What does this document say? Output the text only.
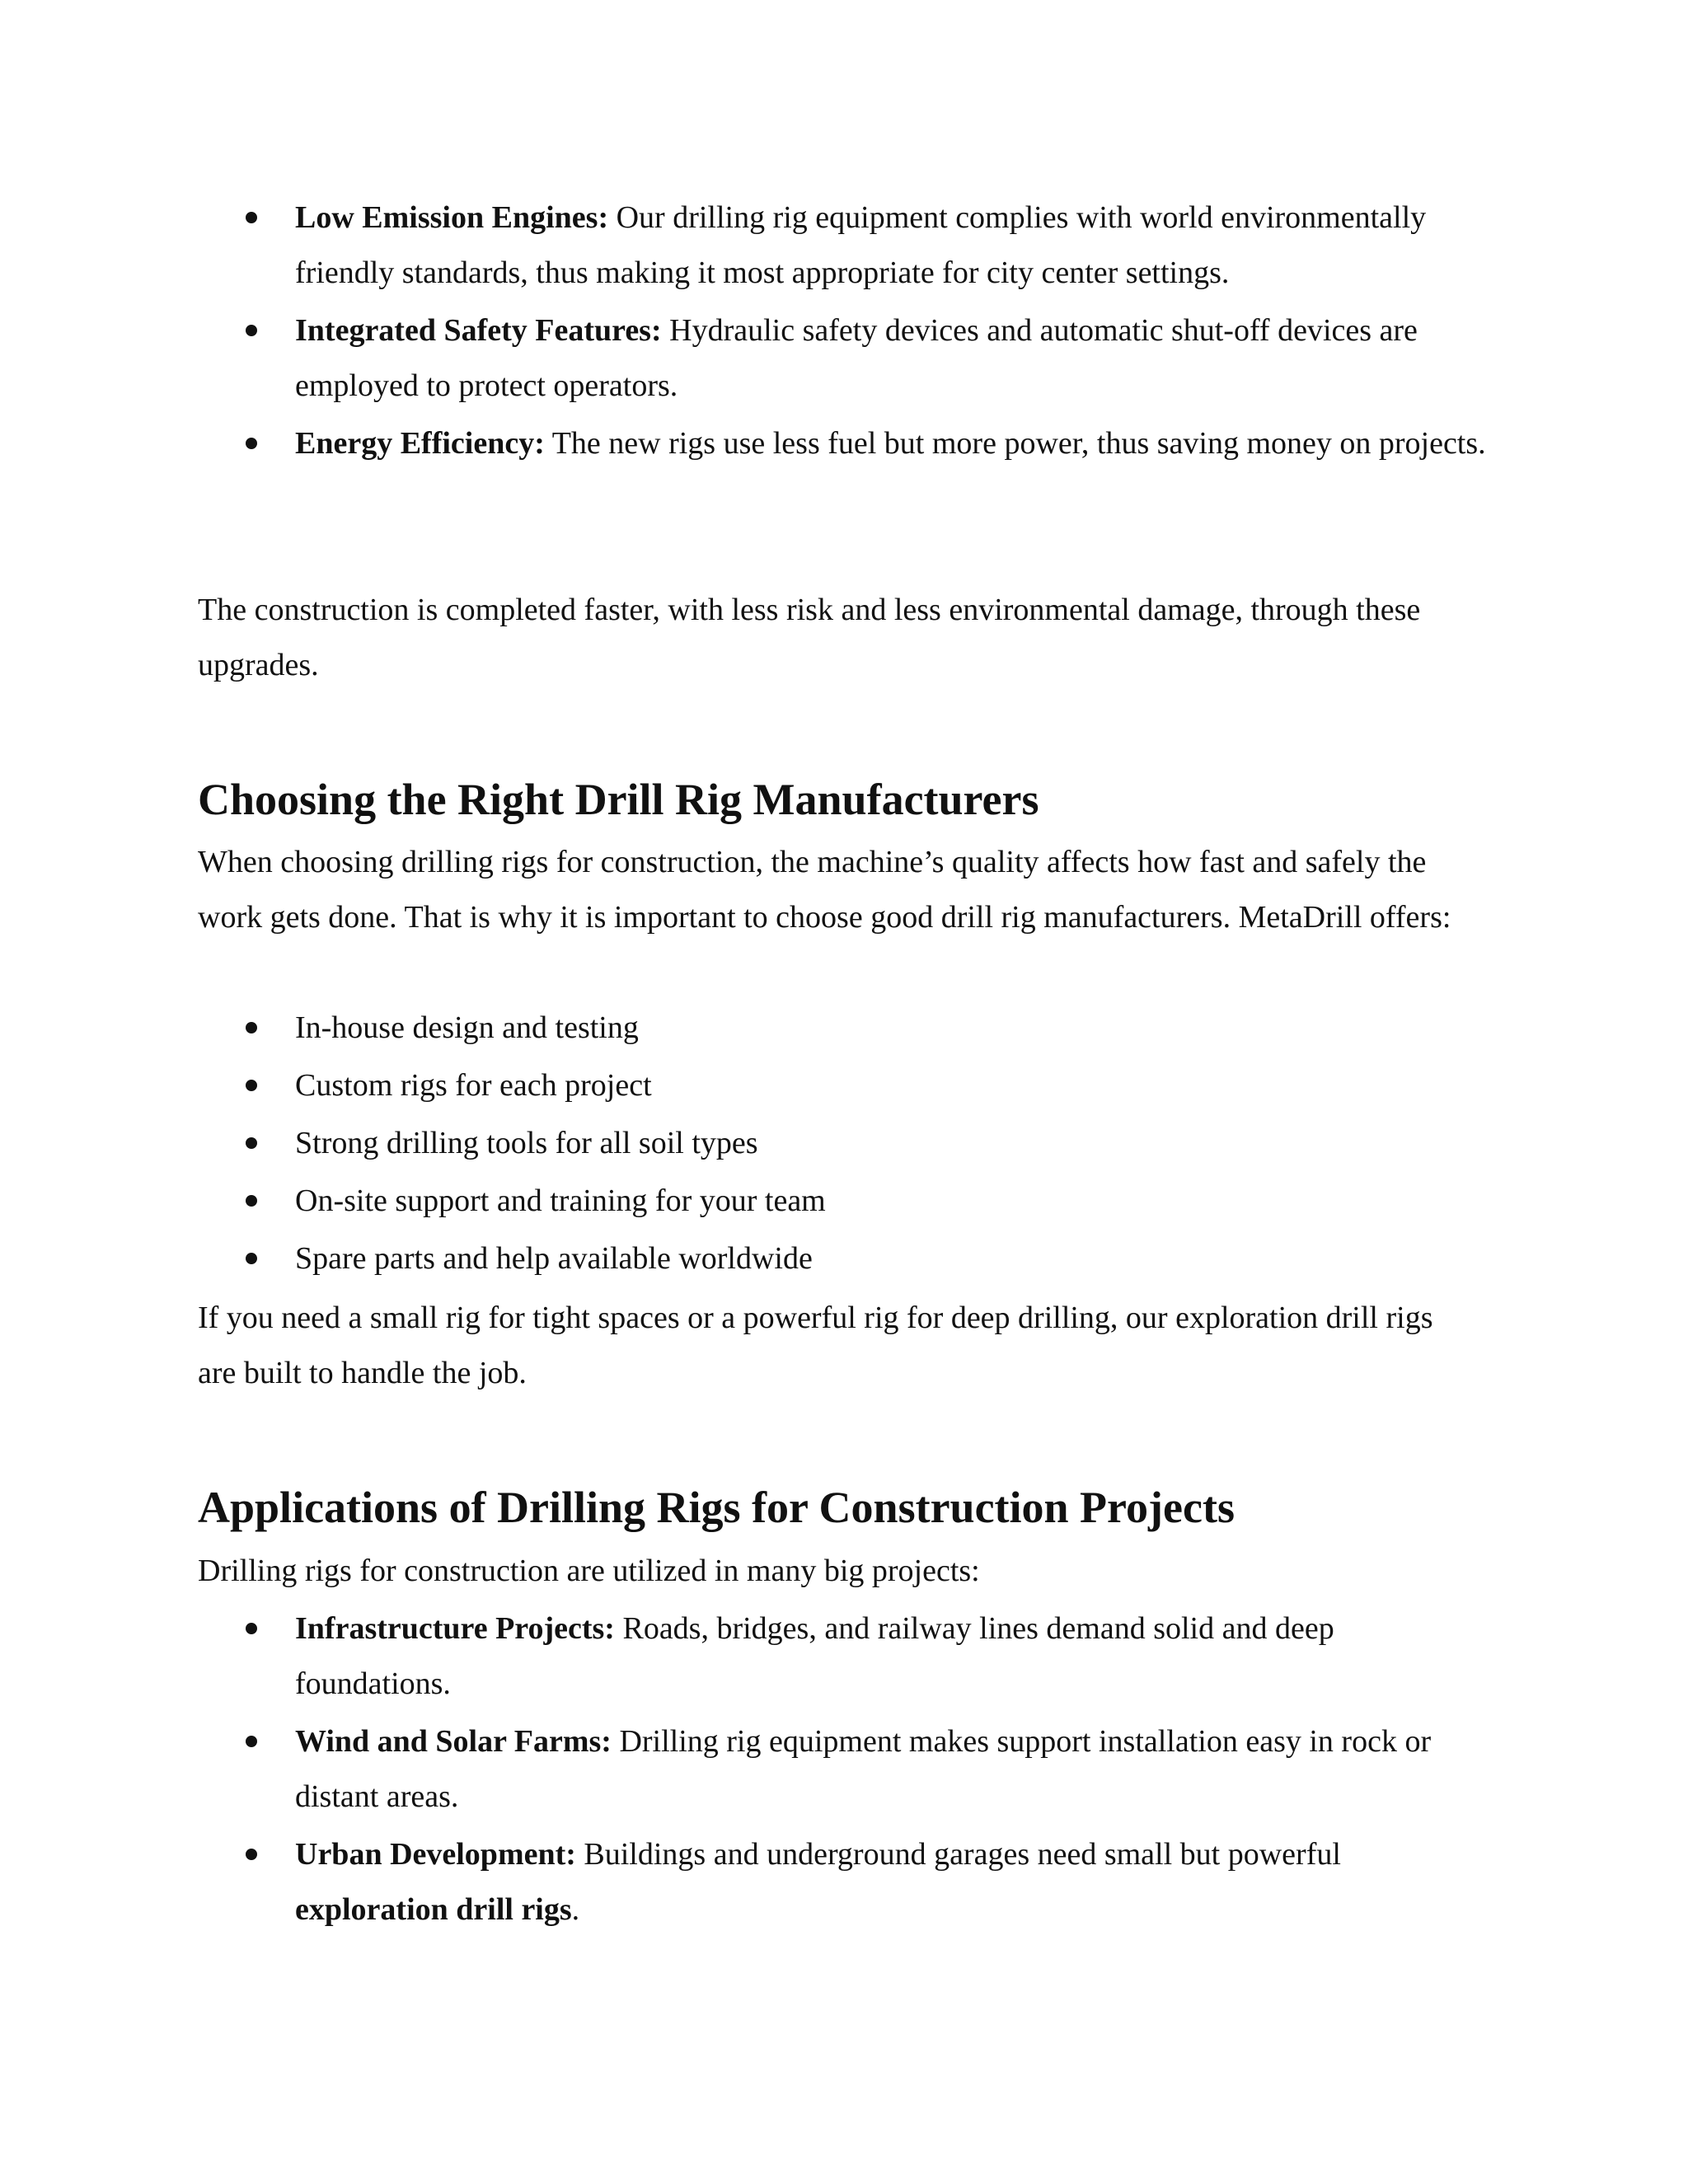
Low Emission Engines: Our drilling rig equipment complies with world environmentally friendly standards, thus making it most appropriate for city center settings.
Integrated Safety Features: Hydraulic safety devices and automatic shut-off devices are employed to protect operators.
Energy Efficiency: The new rigs use less fuel but more power, thus saving money on projects.

The construction is completed faster, with less risk and less environmental damage, through these upgrades.

Choosing the Right Drill Rig Manufacturers

When choosing drilling rigs for construction, the machine’s quality affects how fast and safely the work gets done. That is why it is important to choose good drill rig manufacturers. MetaDrill offers:

In-house design and testing
Custom rigs for each project
Strong drilling tools for all soil types
On-site support and training for your team
Spare parts and help available worldwide

If you need a small rig for tight spaces or a powerful rig for deep drilling, our exploration drill rigs are built to handle the job.

Applications of Drilling Rigs for Construction Projects

Drilling rigs for construction are utilized in many big projects:

Infrastructure Projects: Roads, bridges, and railway lines demand solid and deep foundations.
Wind and Solar Farms: Drilling rig equipment makes support installation easy in rock or distant areas.
Urban Development: Buildings and underground garages need small but powerful exploration drill rigs.
